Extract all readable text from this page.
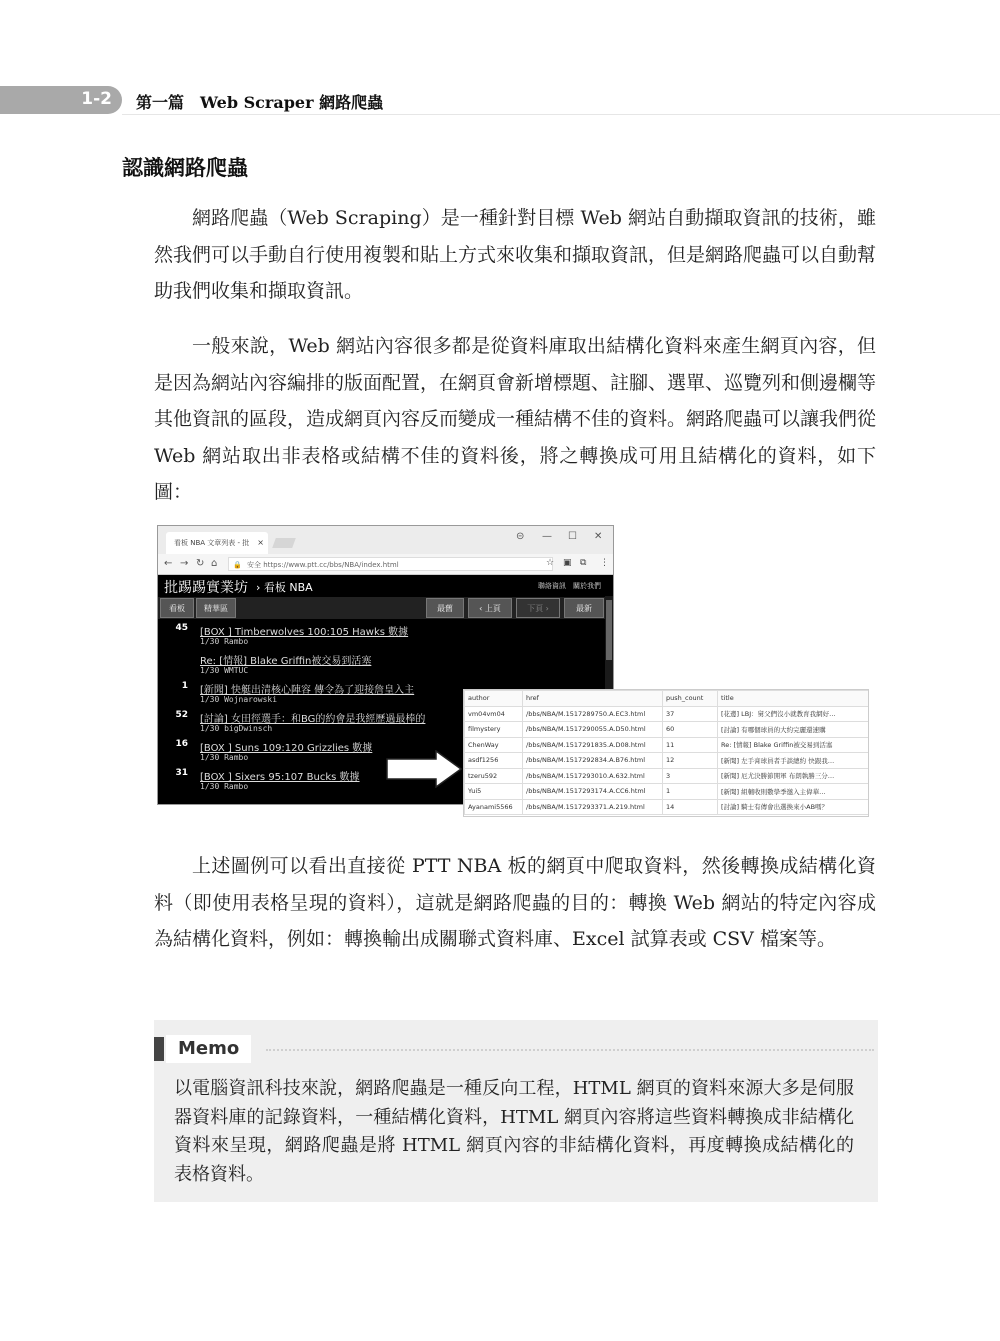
1-2 第一篇　Web Scraper 網路爬蟲
認識網路爬蟲

網路爬蟲（Web Scraping）是一種針對目標 Web 網站自動擷取資訊的技術，雖然我們可以手動自行使用複製和貼上方式來收集和擷取資訊，但是網路爬蟲可以自動幫助我們收集和擷取資訊。

一般來說，Web 網站內容很多都是從資料庫取出結構化資料來產生網頁內容，但是因為網站內容編排的版面配置，在網頁會新增標題、註腳、選單、巡覽列和側邊欄等其他資訊的區段，造成網頁內容反而變成一種結構不佳的資料。網路爬蟲可以讓我們從 Web 網站取出非表格或結構不佳的資料後，將之轉換成可用且結構化的資料，如下圖：

看板 NBA 文章列表 - 批 ×
⊝ — ☐ ✕
← → ↻ ⌂ 🔒 安全 https://www.ptt.cc/bbs/NBA/index.html	☆ ▣ ⧉ ⋮
批踢踢實業坊 › 看板 NBA	聯絡資訊　關於我們
看板	精華區	最舊	‹ 上頁	下頁 ›	最新
45 [BOX ] Timberwolves 100:105 Hawks 數據
1/30 Rambo
Re: [情報] Blake Griffin被交易到活塞
1/30 WMTUC
1 [新聞] 快艇出清核心陣容 傳令為了迎接詹皇入主
1/30 Wojnarowski
52 [討論] 女田徑選手：和BG的約會是我經歷過最棒的
1/30 bigDwinsch
16 [BOX ] Suns 109:120 Grizzlies 數據
1/30 Rambo
31 [BOX ] Sixers 95:107 Bucks 數據
1/30 Rambo
author	href	push_count	title
vm04vm04	/bbs/NBA/M.1517289750.A.EC3.html	37	[花邊] LBJ：舅父們沒小就教育我網好…
filmystery	/bbs/NBA/M.1517290055.A.D50.html	60	[討論] 有哪個球員的大約完麗還速購
ChenWay	/bbs/NBA/M.1517291835.A.D08.html	11	Re: [情報] Blake Griffin被交易到活塞
asdf1256	/bbs/NBA/M.1517292834.A.B76.html	12	[新聞] 左手膏球員者手談總約 快跟我…
tzeru592	/bbs/NBA/M.1517293010.A.632.html	3	[新聞] 厄尤決勝節開軍 布朗執勝三分…
Yui5	/bbs/NBA/M.1517293174.A.CC6.html	1	[新聞] 組輔收則數學季邀入主偉華…
Ayanami5566	/bbs/NBA/M.1517293371.A.219.html	14	[討論] 騎士有傳會出選換來小AB嗎？

上述圖例可以看出直接從 PTT NBA 板的網頁中爬取資料，然後轉換成結構化資料（即使用表格呈現的資料），這就是網路爬蟲的目的：轉換 Web 網站的特定內容成為結構化資料，例如：轉換輸出成關聯式資料庫、Excel 試算表或 CSV 檔案等。

Memo

以電腦資訊科技來說，網路爬蟲是一種反向工程，HTML 網頁的資料來源大多是伺服器資料庫的記錄資料，一種結構化資料，HTML 網頁內容將這些資料轉換成非結構化資料來呈現，網路爬蟲是將 HTML 網頁內容的非結構化資料，再度轉換成結構化的表格資料。
